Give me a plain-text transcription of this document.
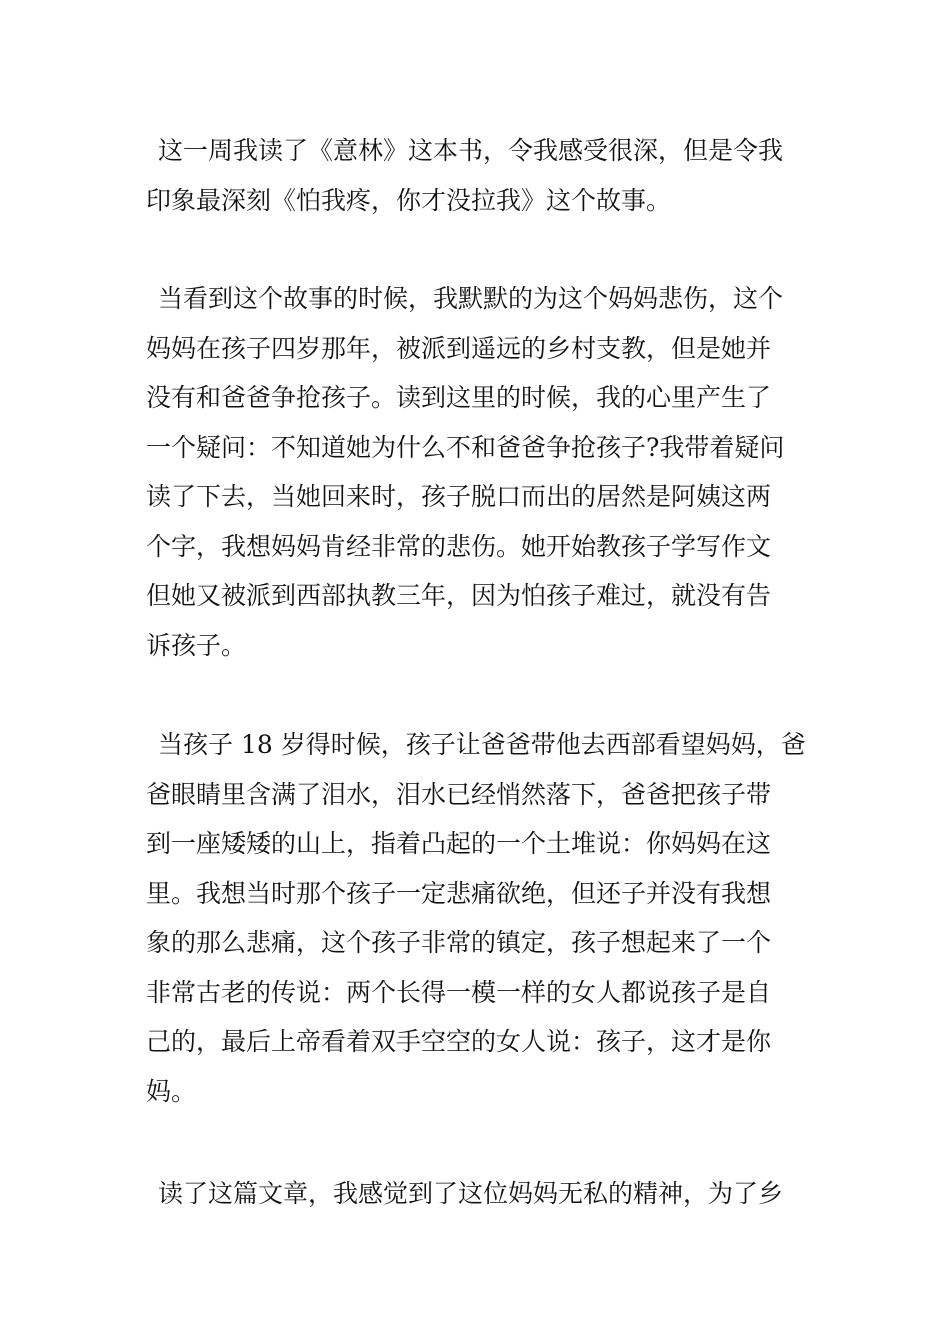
这一周我读了《意林》这本书，令我感受很深，但是令我
印象最深刻《怕我疼，你才没拉我》这个故事。

当看到这个故事的时候，我默默的为这个妈妈悲伤，这个
妈妈在孩子四岁那年，被派到遥远的乡村支教，但是她并
没有和爸爸争抢孩子。读到这里的时候，我的心里产生了
一个疑问：不知道她为什么不和爸爸争抢孩子?我带着疑问
读了下去，当她回来时，孩子脱口而出的居然是阿姨这两
个字，我想妈妈肯经非常的悲伤。她开始教孩子学写作文
但她又被派到西部执教三年，因为怕孩子难过，就没有告
诉孩子。

当孩子 18 岁得时候，孩子让爸爸带他去西部看望妈妈，爸
爸眼睛里含满了泪水，泪水已经悄然落下，爸爸把孩子带
到一座矮矮的山上，指着凸起的一个土堆说：你妈妈在这
里。我想当时那个孩子一定悲痛欲绝，但还子并没有我想
象的那么悲痛，这个孩子非常的镇定，孩子想起来了一个
非常古老的传说：两个长得一模一样的女人都说孩子是自
己的，最后上帝看着双手空空的女人说：孩子，这才是你
妈。

读了这篇文章，我感觉到了这位妈妈无私的精神，为了乡
